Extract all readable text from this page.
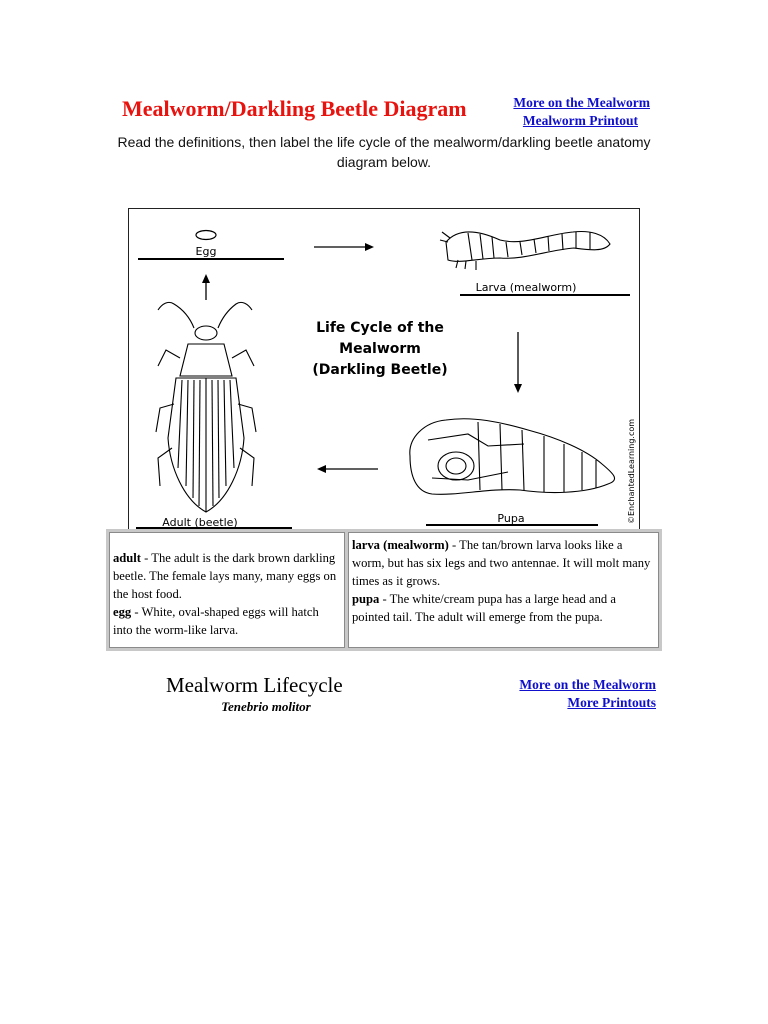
Mealworm/Darkling Beetle Diagram	More on the Mealworm
Mealworm Printout
Read the definitions, then label the life cycle of the mealworm/darkling beetle anatomy diagram below.
Egg
Larva (mealworm)
Life Cycle of the
Mealworm
(Darkling Beetle)
Adult (beetle)	Pupa	©EnchantedLearning.com
adult - The adult is the dark brown darkling beetle. The female lays many, many eggs on the host food.
egg - White, oval-shaped eggs will hatch into the worm-like larva.
larva (mealworm) - The tan/brown larva looks like a worm, but has six legs and two antennae. It will molt many times as it grows.
pupa - The white/cream pupa has a large head and a pointed tail. The adult will emerge from the pupa.
Mealworm Lifecycle
Tenebrio molitor
More on the Mealworm
More Printouts
